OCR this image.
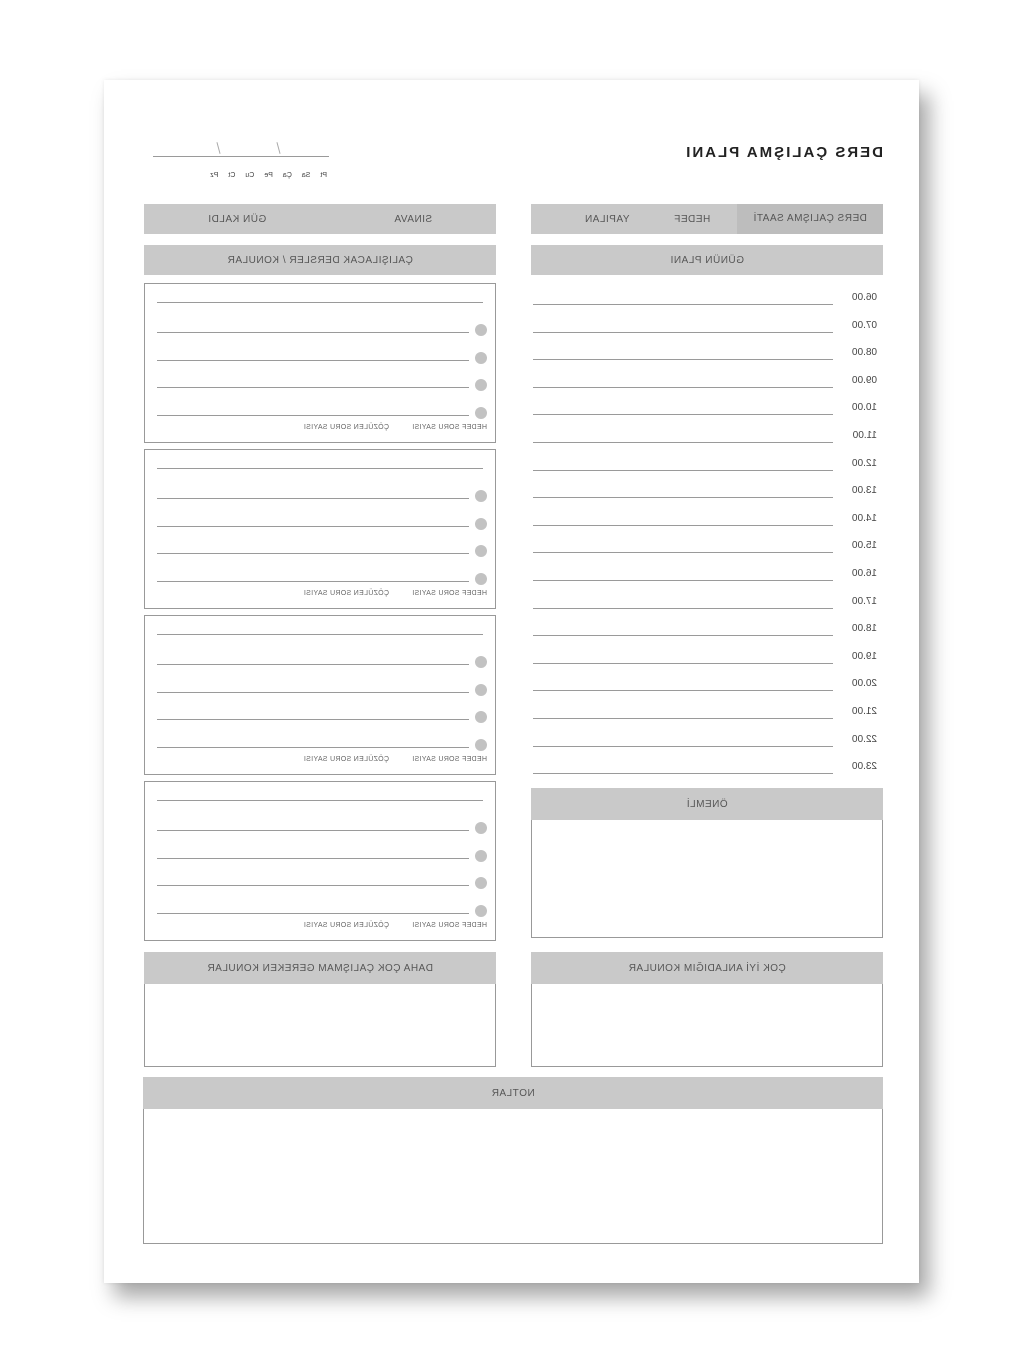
DERS ÇALIŞMA PLANI
Pt
Sa
Ça
Pe
Cu
Ct
Pz
DERS ÇALIŞMA SAATİ
HEDEF
YAPILAN
SINAVA
GÜN KALDI
GÜNÜN PLANI
ÇALIŞILACAK DERSLER / KONULAR
06.00
07.00
08.00
09.00
10.00
11.00
12.00
13.00
14.00
15.00
16.00
17.00
18.00
19.00
20.00
21.00
22.00
23.00
HEDEF SORU SAYISI
ÇÖZÜLEN SORU SAYISI
HEDEF SORU SAYISI
ÇÖZÜLEN SORU SAYISI
HEDEF SORU SAYISI
ÇÖZÜLEN SORU SAYISI
HEDEF SORU SAYISI
ÇÖZÜLEN SORU SAYISI
ÖNEMLİ
ÇOK İYİ ANLADIĞIM KONULAR
DAHA ÇOK ÇALIŞMAM GEREKEN KONULAR
NOTLAR
